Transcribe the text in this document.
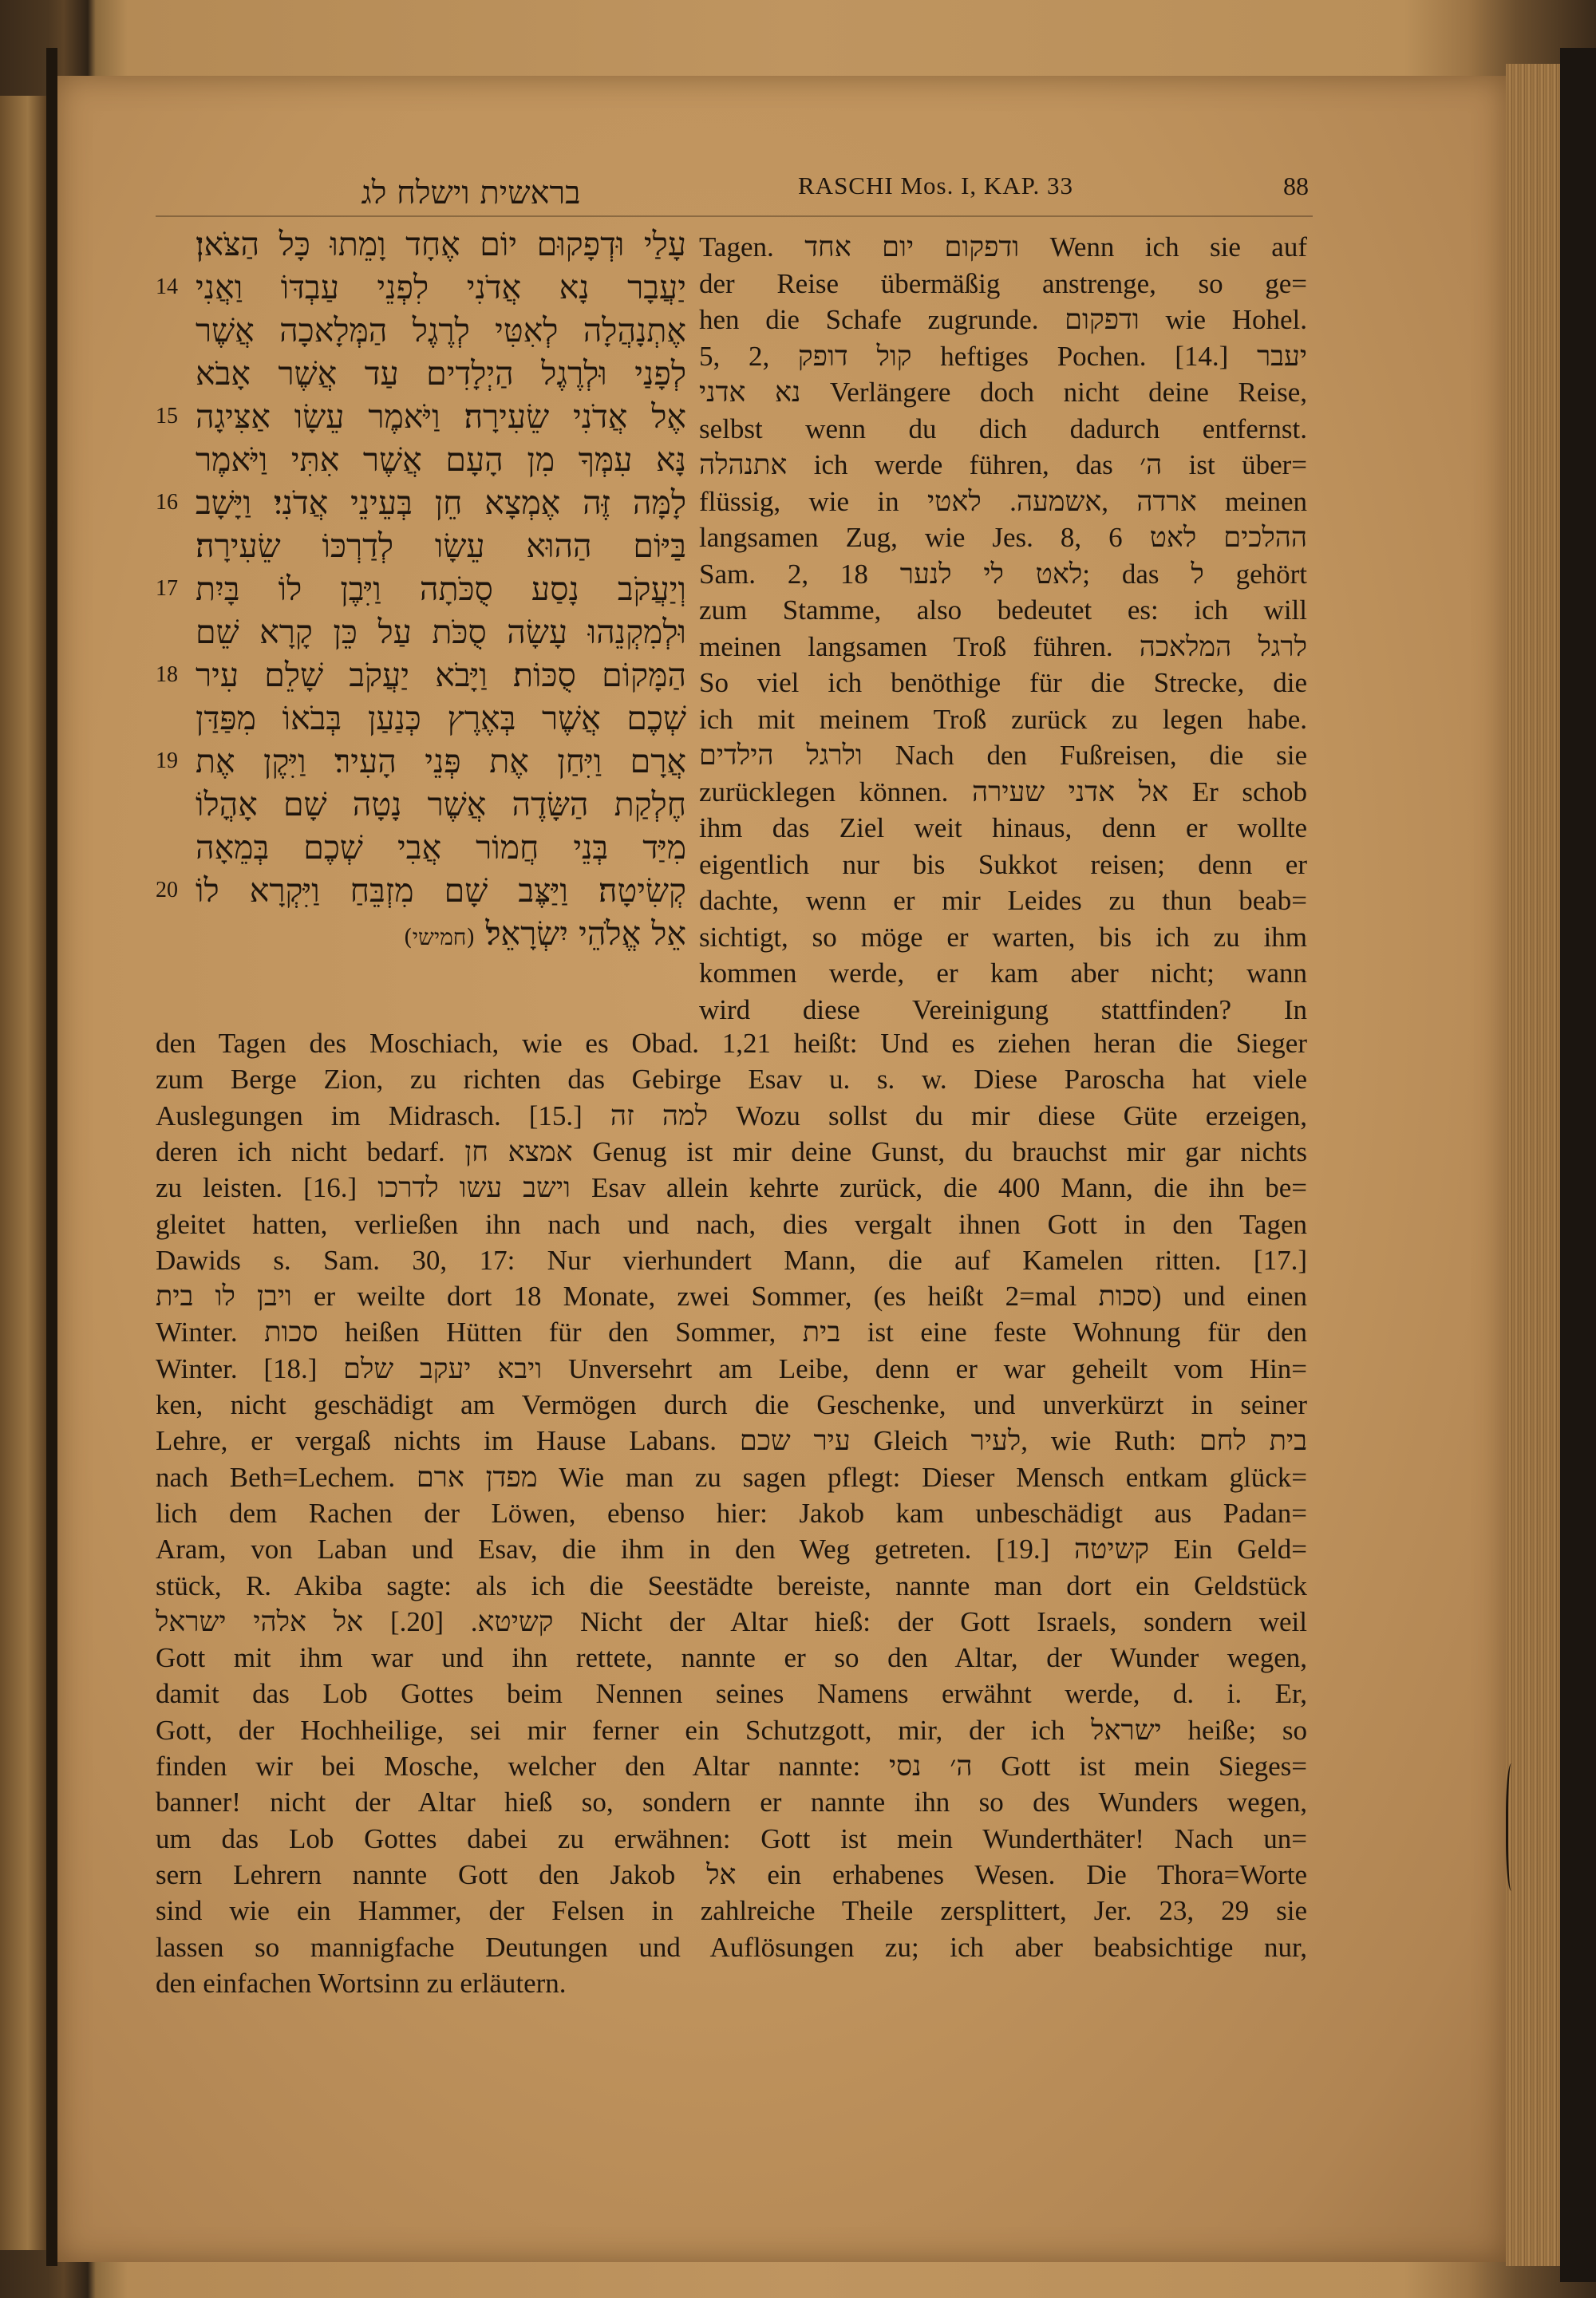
⟩
בראשית וישלח לג	RASCHI Mos. I, KAP. 33	88
עָלַי וּדְפָקוּם יוֹם אֶחָד וָמֵתוּ כָּל הַצֹּאן׃
יַעֲבָר נָא אֲדֹנִי לִפְנֵי עַבְדּוֹ וַאֲנִי
14
אֶתְנָהֲלָה לְאִטִּי לְרֶגֶל הַמְּלָאכָה אֲשֶׁר
לְפָנַי וּלְרֶגֶל הַיְלָדִים עַד אֲשֶׁר אָבֹא
אֶל אֲדֹנִי שֵׂעִירָה׃ וַיֹּאמֶר עֵשָׂו אַצִּיגָה
15
נָּא עִמְּךָ מִן הָעָם אֲשֶׁר אִתִּי וַיֹּאמֶר
לָמָּה זֶּה אֶמְצָא חֵן בְּעֵינֵי אֲדֹנִי׃ וַיָּשָׁב
16
בַּיּוֹם הַהוּא עֵשָׂו לְדַרְכּוֹ שֵׂעִירָה׃
וְיַעֲקֹב נָסַע סֻכֹּתָה וַיִּבֶן לוֹ בָּיִת
17
וּלְמִקְנֵהוּ עָשָׂה סֻכֹּת עַל כֵּן קָרָא שֵׁם
הַמָּקוֹם סֻכּוֹת׃ וַיָּבֹא יַעֲקֹב שָׁלֵם עִיר
18
שְׁכֶם אֲשֶׁר בְּאֶרֶץ כְּנַעַן בְּבֹאוֹ מִפַּדַּן
אֲרָם וַיִּחַן אֶת פְּנֵי הָעִיר׃ וַיִּקֶן אֶת
19
חֶלְקַת הַשָּׂדֶה אֲשֶׁר נָטָה שָׁם אָהֳלוֹ
מִיַּד בְּנֵי חֲמוֹר אֲבִי שְׁכֶם בְּמֵאָה
קְשִׂיטָה׃ וַיַּצֶּב שָׁם מִזְבֵּחַ וַיִּקְרָא לוֹ
20
אֵל אֱלֹהֵי יִשְׂרָאֵל׃ (חמישי)
Tagen. ודפקום יום אחד Wenn ich sie auf
der Reise übermäßig anstrenge, so ge=
hen die Schafe zugrunde. ודפקום wie Hohel.
5, 2, קול דופק heftiges Pochen. [14.] יעבר
נא אדני Verlängere doch nicht deine Reise,
selbst wenn du dich dadurch entfernst.
אתנהלה ich werde führen, das ה׳ ist über=
flüssig, wie in ארדה ,אשמעה. לאטי meinen
langsamen Zug, wie Jes. 8, 6 ההלכים לאט
Sam. 2, 18 לאט לי לנער; das ל gehört
zum Stamme, also bedeutet es: ich will
meinen langsamen Troß führen. לרגל המלאכה
So viel ich benöthige für die Strecke, die
ich mit meinem Troß zurück zu legen habe.
ולרגל הילדים Nach den Fußreisen, die sie
zurücklegen können. אל אדני שעירה Er schob
ihm das Ziel weit hinaus, denn er wollte
eigentlich nur bis Sukkot reisen; denn er
dachte, wenn er mir Leides zu thun beab=
sichtigt, so möge er warten, bis ich zu ihm
kommen werde, er kam aber nicht; wann
wird diese Vereinigung stattfinden? In
den Tagen des Moschiach, wie es Obad. 1,21 heißt: Und es ziehen heran die Sieger
zum Berge Zion, zu richten das Gebirge Esav u. s. w. Diese Paroscha hat viele
Auslegungen im Midrasch. [15.] למה זה Wozu sollst du mir diese Güte erzeigen,
deren ich nicht bedarf. אמצא חן Genug ist mir deine Gunst, du brauchst mir gar nichts
zu leisten. [16.] וישב עשו לדרכו Esav allein kehrte zurück, die 400 Mann, die ihn be=
gleitet hatten, verließen ihn nach und nach, dies vergalt ihnen Gott in den Tagen
Dawids s. Sam. 30, 17: Nur vierhundert Mann, die auf Kamelen ritten. [17.]
ויבן לו בית er weilte dort 18 Monate, zwei Sommer, (es heißt 2=mal סכות) und einen
Winter. סכות heißen Hütten für den Sommer, בית ist eine feste Wohnung für den
Winter. [18.] ויבא יעקב שלם Unversehrt am Leibe, denn er war geheilt vom Hin=
ken, nicht geschädigt am Vermögen durch die Geschenke, und unverkürzt in seiner
Lehre, er vergaß nichts im Hause Labans. עיר שכם Gleich לעיר, wie Ruth: בית לחם
nach Beth=Lechem. מפדן ארם Wie man zu sagen pflegt: Dieser Mensch entkam glück=
lich dem Rachen der Löwen, ebenso hier: Jakob kam unbeschädigt aus Padan=
Aram, von Laban und Esav, die ihm in den Weg getreten. [19.] קשיטה Ein Geld=
stück, R. Akiba sagte: als ich die Seestädte bereiste, nannte man dort ein Geldstück
קשיטא. [20.] אל אלהי ישראל Nicht der Altar hieß: der Gott Israels, sondern weil
Gott mit ihm war und ihn rettete, nannte er so den Altar, der Wunder wegen,
damit das Lob Gottes beim Nennen seines Namens erwähnt werde, d. i. Er,
Gott, der Hochheilige, sei mir ferner ein Schutzgott, mir, der ich ישראל heiße; so
finden wir bei Mosche, welcher den Altar nannte: ה׳ נסי Gott ist mein Sieges=
banner! nicht der Altar hieß so, sondern er nannte ihn so des Wunders wegen,
um das Lob Gottes dabei zu erwähnen: Gott ist mein Wunderthäter! Nach un=
sern Lehrern nannte Gott den Jakob אל ein erhabenes Wesen. Die Thora=Worte
sind wie ein Hammer, der Felsen in zahlreiche Theile zersplittert, Jer. 23, 29 sie
lassen so mannigfache Deutungen und Auflösungen zu; ich aber beabsichtige nur,
den einfachen Wortsinn zu erläutern.
